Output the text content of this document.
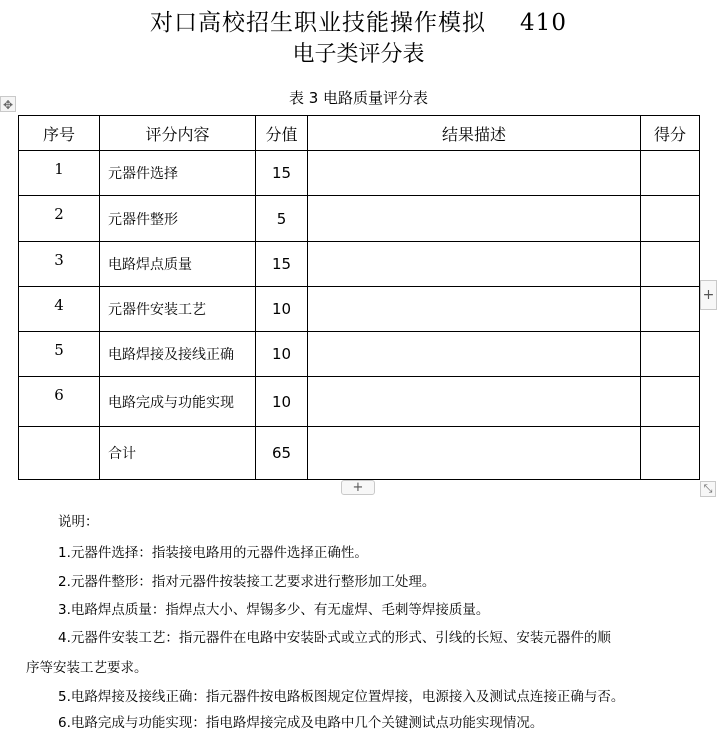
对口高校招生职业技能操作模拟 410
电子类评分表
表 3 电路质量评分表
✥
序号	评分内容	分值	结果描述	得分
1	元器件选择	15		
2	元器件整形	5		
3	电路焊点质量	15		
4	元器件安装工艺	10		
5	电路焊接及接线正确	10		
6	电路完成与功能实现	10		
	合计	65		
+
+	⤡
说明：
1.元器件选择：指装接电路用的元器件选择正确性。
2.元器件整形：指对元器件按装接工艺要求进行整形加工处理。
3.电路焊点质量：指焊点大小、焊锡多少、有无虚焊、毛刺等焊接质量。
4.元器件安装工艺：指元器件在电路中安装卧式或立式的形式、引线的长短、安装元器件的顺
序等安装工艺要求。
5.电路焊接及接线正确：指元器件按电路板图规定位置焊接，电源接入及测试点连接正确与否。
6.电路完成与功能实现：指电路焊接完成及电路中几个关键测试点功能实现情况。
